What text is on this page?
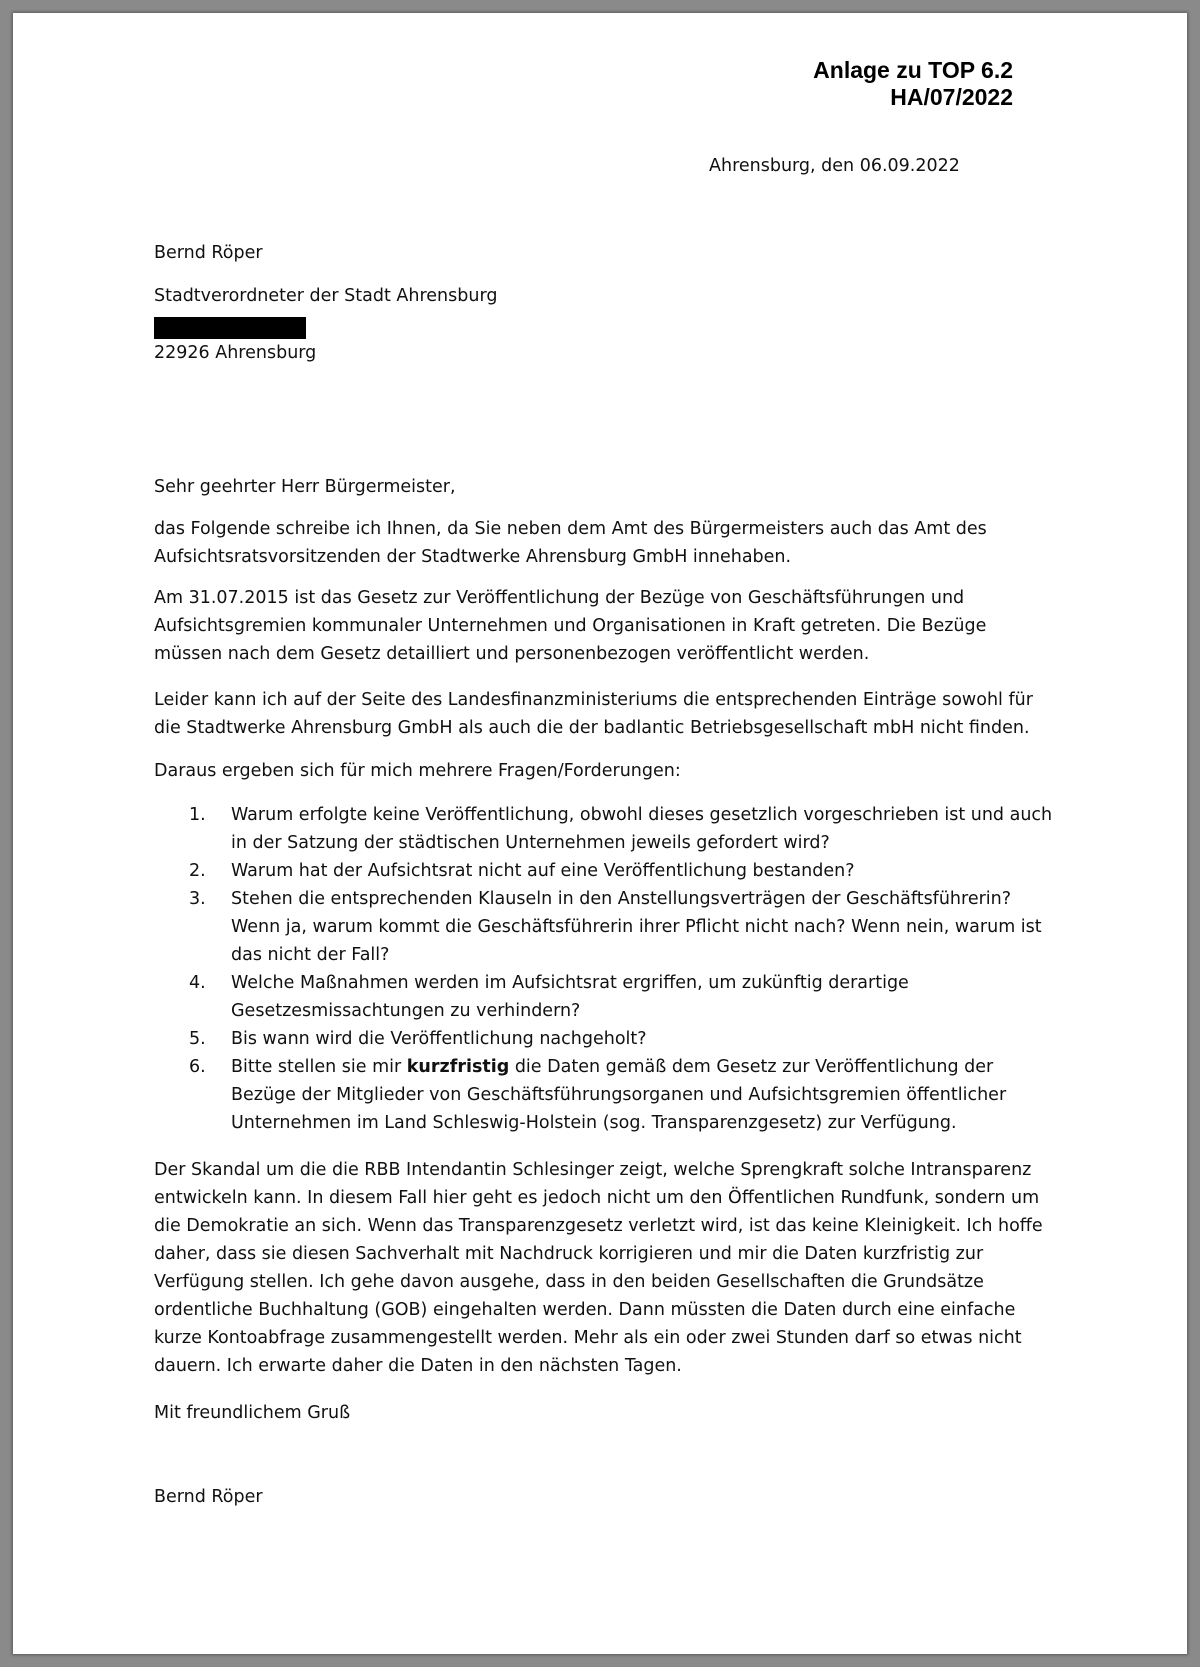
Anlage zu TOP 6.2
HA/07/2022
Ahrensburg, den 06.09.2022
Bernd Röper
Stadtverordneter der Stadt Ahrensburg
22926 Ahrensburg
Sehr geehrter Herr Bürgermeister,

das Folgende schreibe ich Ihnen, da Sie neben dem Amt des Bürgermeisters auch das Amt des Aufsichtsratsvorsitzenden der Stadtwerke Ahrensburg GmbH innehaben.

Am 31.07.2015 ist das Gesetz zur Veröffentlichung der Bezüge von Geschäftsführungen und Aufsichtsgremien kommunaler Unternehmen und Organisationen in Kraft getreten. Die Bezüge müssen nach dem Gesetz detailliert und personenbezogen veröffentlicht werden.

Leider kann ich auf der Seite des Landesfinanzministeriums die entsprechenden Einträge sowohl für die Stadtwerke Ahrensburg GmbH als auch die der badlantic Betriebsgesellschaft mbH nicht finden.

Daraus ergeben sich für mich mehrere Fragen/Forderungen:

1. Warum erfolgte keine Veröffentlichung, obwohl dieses gesetzlich vorgeschrieben ist und auch in der Satzung der städtischen Unternehmen jeweils gefordert wird?
2. Warum hat der Aufsichtsrat nicht auf eine Veröffentlichung bestanden?
3. Stehen die entsprechenden Klauseln in den Anstellungsverträgen der Geschäftsführerin? Wenn ja, warum kommt die Geschäftsführerin ihrer Pflicht nicht nach? Wenn nein, warum ist das nicht der Fall?
4. Welche Maßnahmen werden im Aufsichtsrat ergriffen, um zukünftig derartige Gesetzesmissachtungen zu verhindern?
5. Bis wann wird die Veröffentlichung nachgeholt?
6. Bitte stellen sie mir kurzfristig die Daten gemäß dem Gesetz zur Veröffentlichung der Bezüge der Mitglieder von Geschäftsführungsorganen und Aufsichtsgremien öffentlicher Unternehmen im Land Schleswig-Holstein (sog. Transparenzgesetz) zur Verfügung.

Der Skandal um die die RBB Intendantin Schlesinger zeigt, welche Sprengkraft solche Intransparenz entwickeln kann. In diesem Fall hier geht es jedoch nicht um den Öffentlichen Rundfunk, sondern um die Demokratie an sich. Wenn das Transparenzgesetz verletzt wird, ist das keine Kleinigkeit. Ich hoffe daher, dass sie diesen Sachverhalt mit Nachdruck korrigieren und mir die Daten kurzfristig zur Verfügung stellen. Ich gehe davon ausgehe, dass in den beiden Gesellschaften die Grundsätze ordentliche Buchhaltung (GOB) eingehalten werden. Dann müssten die Daten durch eine einfache kurze Kontoabfrage zusammengestellt werden. Mehr als ein oder zwei Stunden darf so etwas nicht dauern. Ich erwarte daher die Daten in den nächsten Tagen.

Mit freundlichem Gruß
Bernd Röper
